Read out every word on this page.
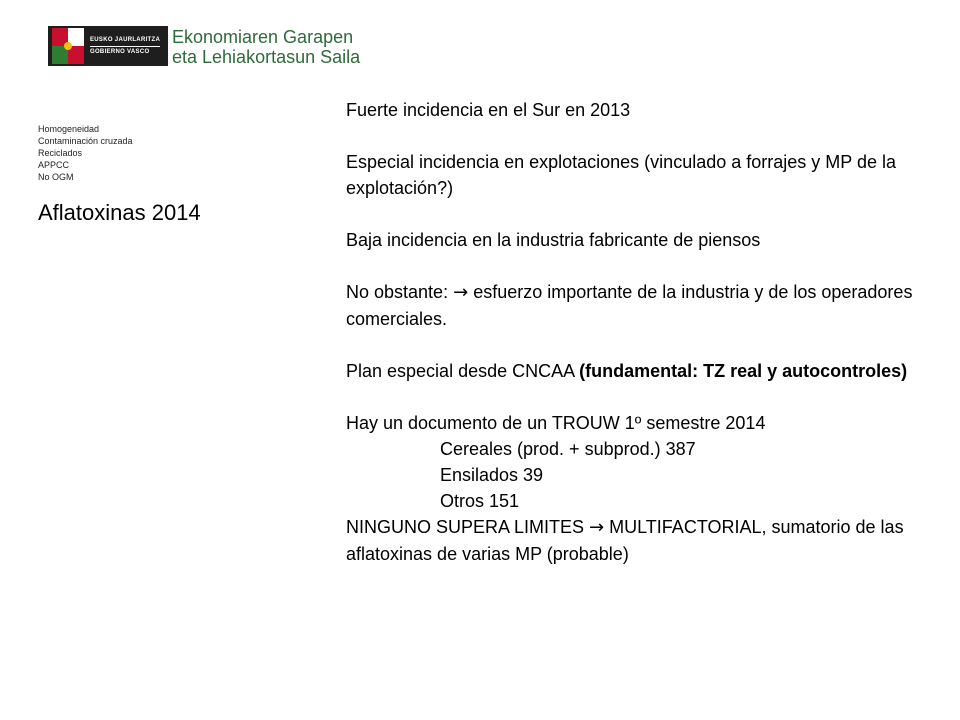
EUSKO JAURLARITZA
GOBIERNO VASCO
Ekonomiaren Garapen
eta Lehiakortasun Saila
Homogeneidad
Contaminación cruzada
Reciclados
APPCC
No OGM
Aflatoxinas 2014

Fuerte incidencia en el Sur en 2013

Especial incidencia en explotaciones (vinculado a forrajes y MP de la explotación?)

Baja incidencia en la industria fabricante de piensos

No obstante: → esfuerzo importante de la industria y de los operadores comerciales.

Plan especial desde CNCAA (fundamental: TZ real y autocontroles)

Hay un documento de un TROUW 1º semestre 2014

Cereales (prod. + subprod.) 387

Ensilados 39

Otros 151

NINGUNO SUPERA LIMITES → MULTIFACTORIAL, sumatorio de las aflatoxinas de varias MP (probable)
